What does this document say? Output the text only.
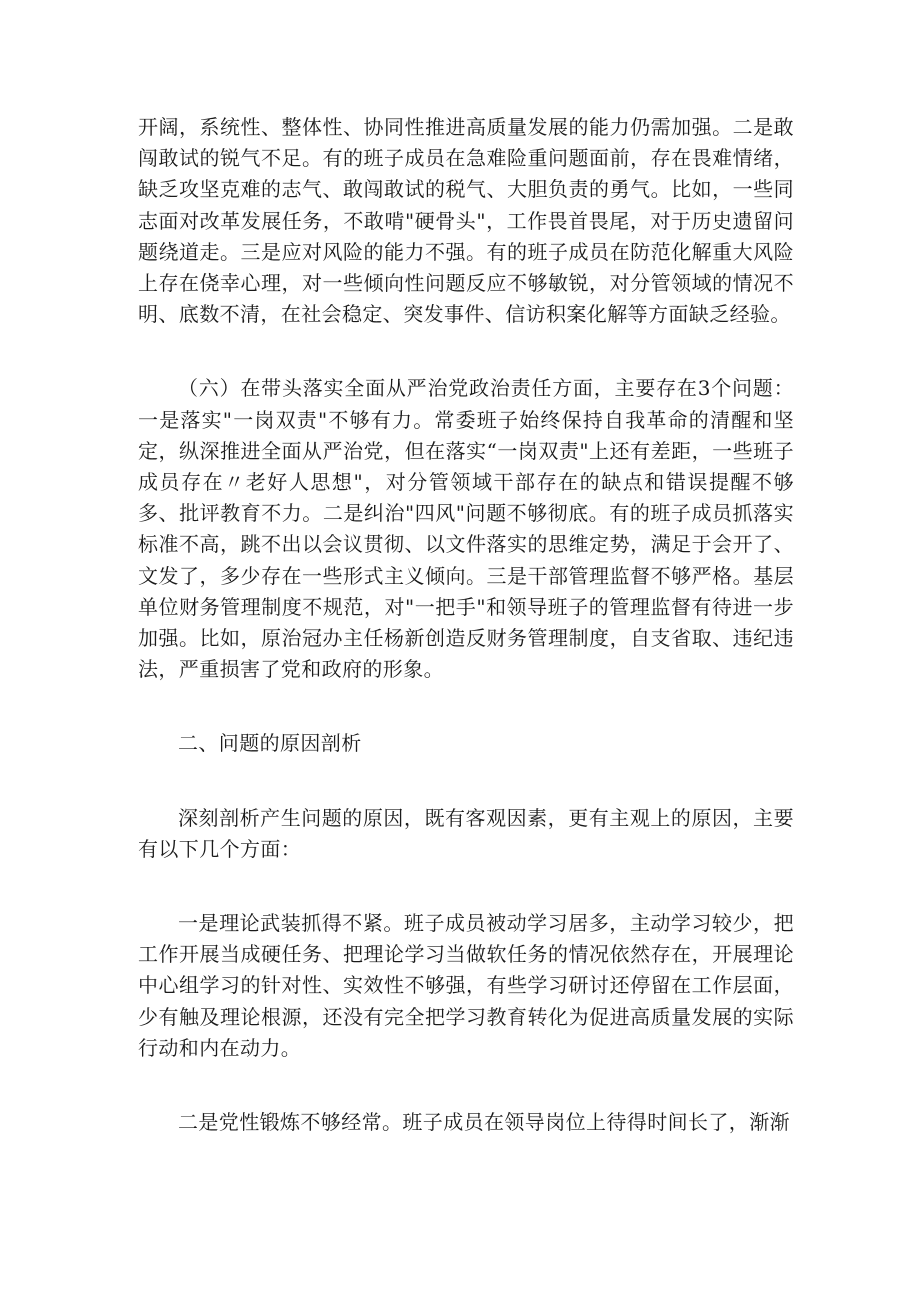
开阔，系统性、整体性、协同性推进高质量发展的能力仍需加强。二是敢闯敢试的锐气不足。有的班子成员在急难险重问题面前，存在畏难情绪，缺乏攻坚克难的志气、敢闯敢试的税气、大胆负责的勇气。比如，一些同志面对改革发展任务，不敢啃"硬骨头"，工作畏首畏尾，对于历史遗留问题绕道走。三是应对风险的能力不强。有的班子成员在防范化解重大风险上存在侥幸心理，对一些倾向性问题反应不够敏锐，对分管领域的情况不明、底数不清，在社会稳定、突发事件、信访积案化解等方面缺乏经验。

（六）在带头落实全面从严治党政治责任方面，主要存在3个问题：一是落实"一岗双责"不够有力。常委班子始终保持自我革命的清醒和坚定，纵深推进全面从严治党，但在落实“一岗双责"上还有差距，一些班子成员存在〃老好人思想"，对分管领域干部存在的缺点和错误提醒不够多、批评教育不力。二是纠治"四风"问题不够彻底。有的班子成员抓落实标准不高，跳不出以会议贯彻、以文件落实的思维定势，满足于会开了、文发了，多少存在一些形式主义倾向。三是干部管理监督不够严格。基层单位财务管理制度不规范，对"一把手"和领导班子的管理监督有待进一步加强。比如，原治冠办主任杨新创造反财务管理制度，自支省取、违纪违法，严重损害了党和政府的形象。

二、问题的原因剖析

深刻剖析产生问题的原因，既有客观因素，更有主观上的原因，主要有以下几个方面：

一是理论武装抓得不紧。班子成员被动学习居多，主动学习较少，把工作开展当成硬任务、把理论学习当做软任务的情况依然存在，开展理论中心组学习的针对性、实效性不够强，有些学习研讨还停留在工作层面，少有触及理论根源，还没有完全把学习教育转化为促进高质量发展的实际行动和内在动力。

二是党性锻炼不够经常。班子成员在领导岗位上待得时间长了，渐渐
